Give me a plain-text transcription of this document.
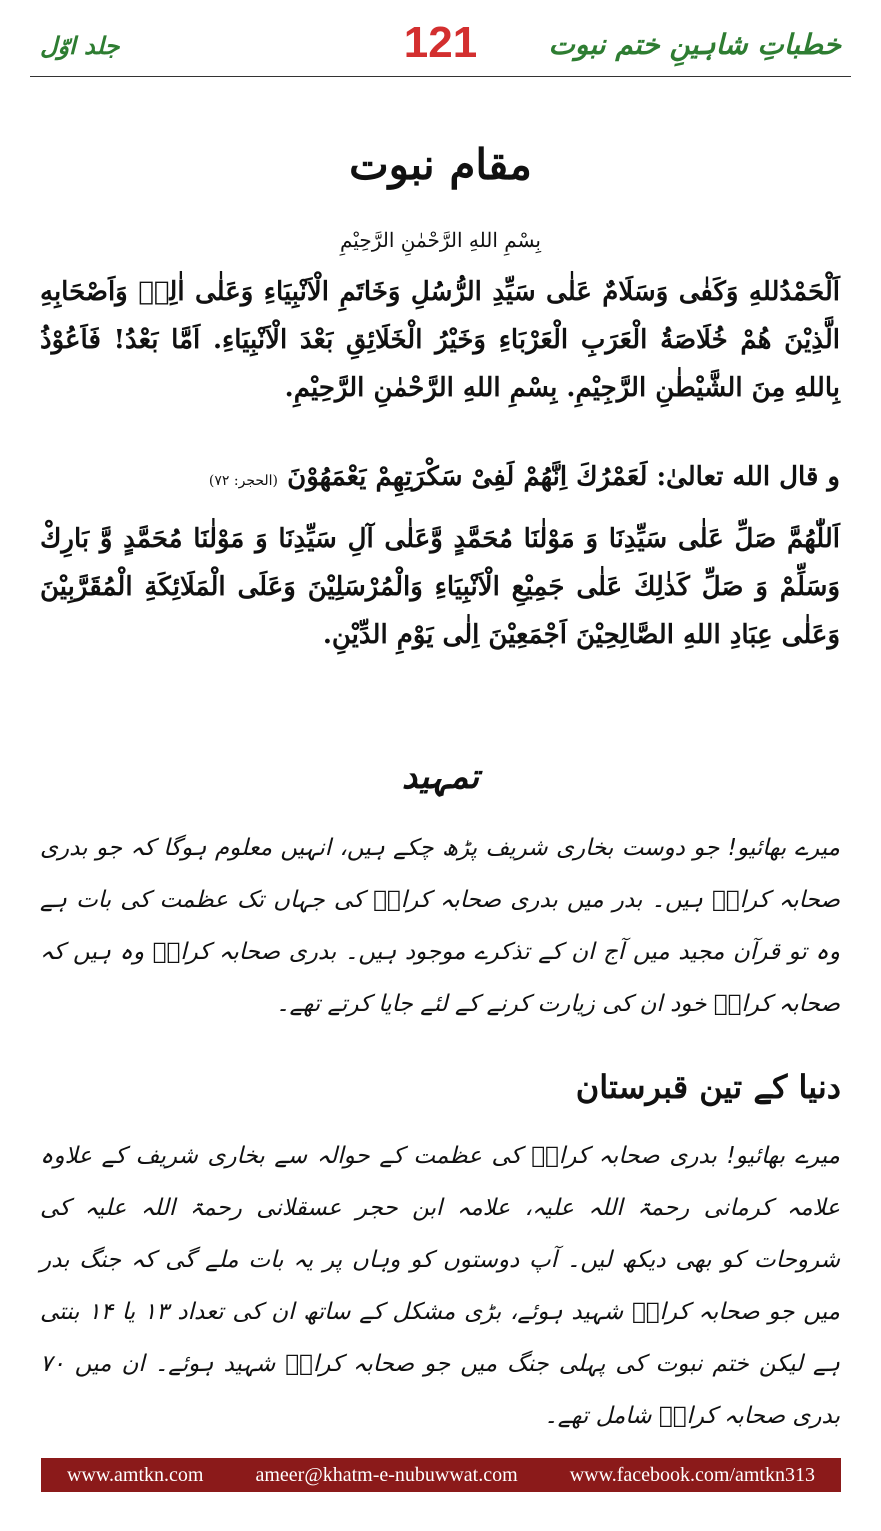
جلد اوّل	121	خطباتِ شاہینِ ختم نبوت
مقام نبوت
بِسْمِ اللهِ الرَّحْمٰنِ الرَّحِیْمِ
اَلْحَمْدُللهِ وَكَفٰى وَسَلَامٌ عَلٰى سَيِّدِ الرُّسُلِ وَخَاتَمِ الْاَنْبِيَاءِ وَعَلٰى اٰلِهٖ وَاَصْحَابِهِ الَّذِيْنَ هُمْ خُلَاصَةُ الْعَرَبِ الْعَرْبَاءِ وَخَيْرُ الْخَلَائِقِ بَعْدَ الْاَنْبِيَاءِ. اَمَّا بَعْدُ! فَاَعُوْذُ بِاللهِ مِنَ الشَّيْطٰنِ الرَّجِيْمِ. بِسْمِ اللهِ الرَّحْمٰنِ الرَّحِيْمِ.
و قال الله تعالیٰ: لَعَمْرُكَ اِنَّهُمْ لَفِیْ سَكْرَتِهِمْ يَعْمَهُوْنَ (الحجر: ۷۲)
اَللّٰهُمَّ صَلِّ عَلٰى سَيِّدِنَا وَ مَوْلٰنَا مُحَمَّدٍ وَّعَلٰى آلِ سَيِّدِنَا وَ مَوْلٰنَا مُحَمَّدٍ وَّ بَارِكْ وَسَلِّمْ وَ صَلِّ كَذٰلِكَ عَلٰى جَمِيْعِ الْاَنْبِيَاءِ وَالْمُرْسَلِيْنَ وَعَلَى الْمَلَائِكَةِ الْمُقَرَّبِيْنَ وَعَلٰى عِبَادِ اللهِ الصَّالِحِيْنَ اَجْمَعِيْنَ اِلٰى يَوْمِ الدِّيْنِ.
تمہید
میرے بھائیو! جو دوست بخاری شریف پڑھ چکے ہیں، انہیں معلوم ہوگا کہ جو بدری صحابہ کرامؓ ہیں۔ بدر میں بدری صحابہ کرامؓ کی جہاں تک عظمت کی بات ہے وہ تو قرآن مجید میں آج ان کے تذکرے موجود ہیں۔ بدری صحابہ کرامؓ وہ ہیں کہ صحابہ کرامؓ خود ان کی زیارت کرنے کے لئے جایا کرتے تھے۔
دنیا کے تین قبرستان
میرے بھائیو! بدری صحابہ کرامؓ کی عظمت کے حوالہ سے بخاری شریف کے علاوہ علامہ کرمانی رحمۃ اللہ علیہ، علامہ ابن حجر عسقلانی رحمۃ اللہ علیہ کی شروحات کو بھی دیکھ لیں۔ آپ دوستوں کو وہاں پر یہ بات ملے گی کہ جنگ بدر میں جو صحابہ کرامؓ شہید ہوئے، بڑی مشکل کے ساتھ ان کی تعداد ۱۳ یا ۱۴ بنتی ہے لیکن ختم نبوت کی پہلی جنگ میں جو صحابہ کرامؓ شہید ہوئے۔ ان میں ۷۰ بدری صحابہ کرامؓ شامل تھے۔
www.amtkn.com	ameer@khatm-e-nubuwwat.com	www.facebook.com/amtkn313
